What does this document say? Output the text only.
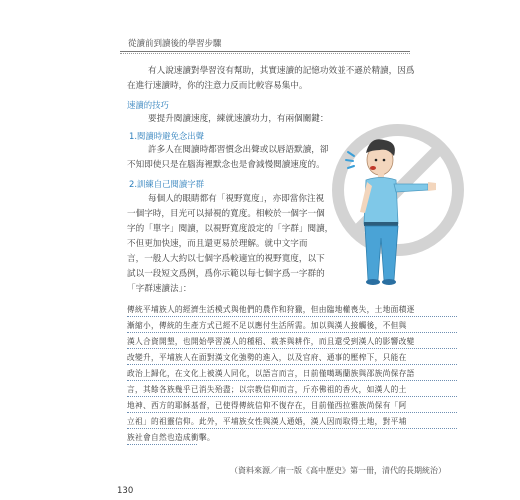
從讀前到讀後的學習步驟
有人說速讀對學習沒有幫助，其實速讀的記憶功效並不遜於精讀，因爲
在進行速讀時，你的注意力反而比較容易集中。
速讀的技巧
要提升閱讀速度，練就速讀功力，有兩個關鍵：
1.閱讀時避免念出聲
許多人在閱讀時都習慣念出聲或以唇語默讀，卻
不知即使只是在腦海裡默念也是會減慢閱讀速度的。
2.訓練自己閱讀字群
每個人的眼睛都有「視野寬度」，亦即當你注視
一個字時，目光可以掃視的寬度。相較於一個字一個
字的「單字」閱讀，以視野寬度設定的「字群」閱讀，
不但更加快速，而且還更易於理解。就中文字而
言，一般人大約以七個字爲較適宜的視野寬度，以下
試以一段短文爲例，爲你示範以每七個字爲一字群的
「字群速讀法」：
傳統平埔族人的經濟生活模式與他們的農作和狩獵，但由臨地權喪失，土地面積逐
漸縮小，傳統的生產方式已經不足以應付生活所需。加以與漢人接觸後，不但與
漢人合資開墾，也開始學習漢人的種稻、栽茶與耕作，而且還受到漢人的影響改變
改變升，平埔族人在面對漢文化強勢的進入，以及官府、通事的壓榨下，只能在
政治上歸化，在文化上被漢人同化，以語言而言，日前僅噶瑪蘭族與邵族尚保存語
言，其餘各族幾乎已消失殆盡；以宗教信仰而言，斤亦佛祖的香火，如漢人的土
地神、西方的耶穌基督，已使得傳統信仰不復存在，目前僅西拉雅族尚保有「阿
立祖」的祖靈信仰。此外，平埔族女性與漢人通婚，漢人因而取得土地，對平埔
族社會自然也造成衝擊。
（資料來源／南一版《高中歷史》第一冊，清代的長期統治）
130
